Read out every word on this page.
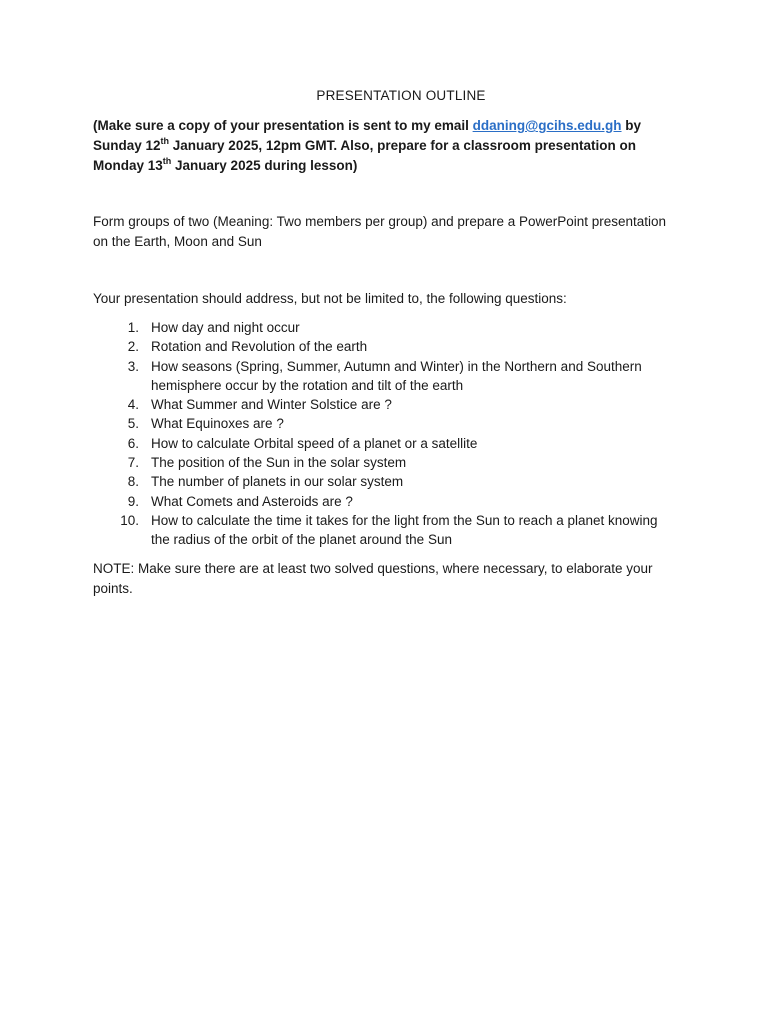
PRESENTATION OUTLINE
(Make sure a copy of your presentation is sent to my email ddaning@gcihs.edu.gh by Sunday 12th January 2025, 12pm GMT. Also, prepare for a classroom presentation on Monday 13th January 2025 during lesson)
Form groups of two (Meaning: Two members per group) and prepare a PowerPoint presentation on the Earth, Moon and Sun
Your presentation should address, but not be limited to, the following questions:
1. How day and night occur
2. Rotation and Revolution of the earth
3. How seasons (Spring, Summer, Autumn and Winter) in the Northern and Southern hemisphere occur by the rotation and tilt of the earth
4. What Summer and Winter Solstice are ?
5. What Equinoxes are ?
6. How to calculate Orbital speed of a planet or a satellite
7. The position of the Sun in the solar system
8. The number of planets in our solar system
9. What Comets and Asteroids are ?
10. How to calculate the time it takes for the light from the Sun to reach a planet knowing the radius of the orbit of the planet around the Sun
NOTE: Make sure there are at least two solved questions, where necessary, to elaborate your points.
